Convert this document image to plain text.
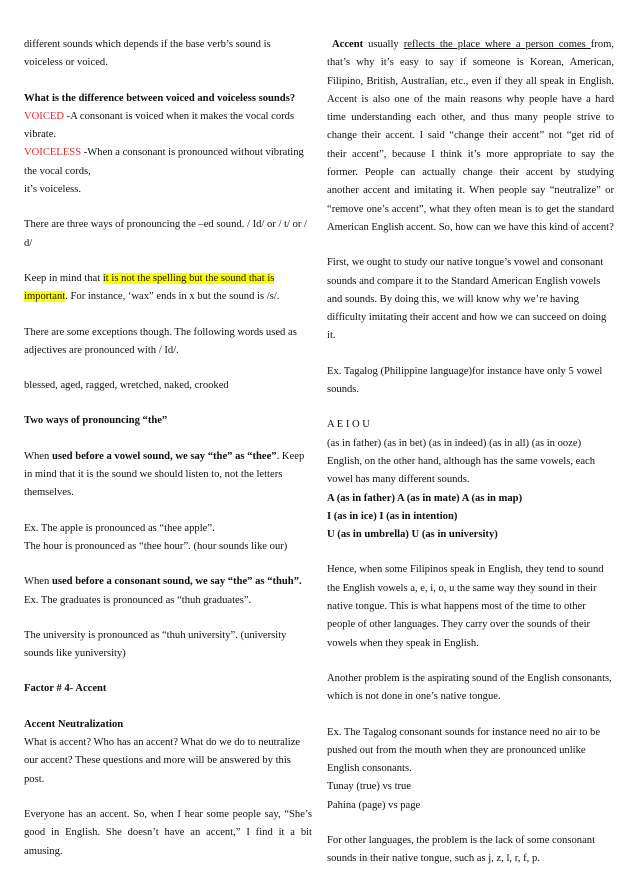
different sounds which depends if the base verb’s sound is voiceless or voiced.

What is the difference between voiced and voiceless sounds?

VOICED -A consonant is voiced when it makes the vocal cords vibrate.

VOICELESS -When a consonant is pronounced without vibrating the vocal cords,

it’s voiceless.

There are three ways of pronouncing the –ed sound. / Id/ or / t/ or / d/

Keep in mind that it is not the spelling but the sound that is important. For instance, ‘wax” ends in x but the sound is /s/.

There are some exceptions though. The following words used as adjectives are pronounced with / Id/.

blessed, aged, ragged, wretched, naked, crooked

Two ways of pronouncing “the”

When used before a vowel sound, we say “the” as “thee”. Keep in mind that it is the sound we should listen to, not the letters themselves.

Ex. The apple is pronounced as “thee apple”.
The hour is pronounced as “thee hour”. (hour sounds like our)

When used before a consonant sound, we say “the” as “thuh”.
Ex. The graduates is pronounced as “thuh graduates”.

The university is pronounced as “thuh university”. (university sounds like yuniversity)

Factor # 4- Accent

Accent Neutralization
What is accent? Who has an accent? What do we do to neutralize our accent? These questions and more will be answered by this post.

Everyone has an accent. So, when I hear some people say, “She’s good in English. She doesn’t have an accent,” I find it a bit amusing.

Accent usually reflects the place where a person comes from, that’s why it’s easy to say if someone is Korean, American, Filipino, British, Australian, etc., even if they all speak in English. Accent is also one of the main reasons why people have a hard time understanding each other, and thus many people strive to change their accent. I said “change their accent” not “get rid of their accent”, because I think it’s more appropriate to say the former. People can actually change their accent by studying another accent and imitating it. When people say “neutralize” or “remove one’s accent”, what they often mean is to get the standard American English accent. So, how can we have this kind of accent?

First, we ought to study our native tongue’s vowel and consonant sounds and compare it to the Standard American English vowels and sounds. By doing this, we will know why we’re having difficulty imitating their accent and how we can succeed on doing it.

Ex. Tagalog (Philippine language)for instance have only 5 vowel sounds.

A E I O U
(as in father) (as in bet) (as in indeed) (as in all) (as in ooze)
English, on the other hand, although has the same vowels, each vowel has many different sounds.
A (as in father) A (as in mate) A (as in map)
I (as in ice) I (as in intention)
U (as in umbrella) U (as in university)

Hence, when some Filipinos speak in English, they tend to sound the English vowels a, e, i, o, u the same way they sound in their native tongue. This is what happens most of the time to other people of other languages. They carry over the sounds of their vowels when they speak in English.

Another problem is the aspirating sound of the English consonants, which is not done in one’s native tongue.

Ex. The Tagalog consonant sounds for instance need no air to be pushed out from the mouth when they are pronounced unlike English consonants.
Tunay (true) vs true
Pahina (page) vs page

For other languages, the problem is the lack of some consonant sounds in their native tongue, such as j, z, l, r, f, p.
